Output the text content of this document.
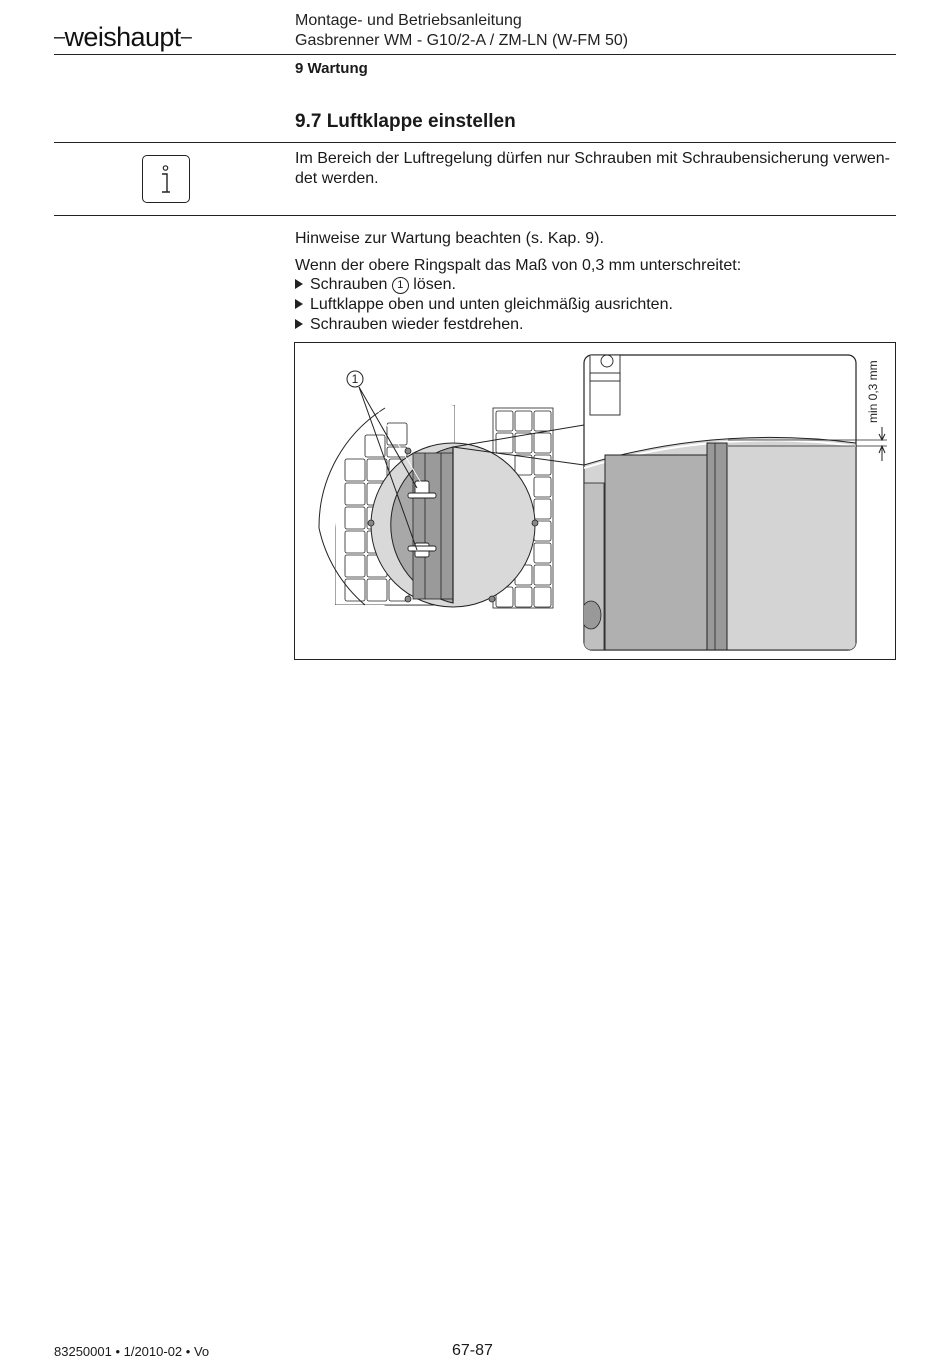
–weishaupt–
Montage- und Betriebsanleitung
Gasbrenner WM - G10/2-A / ZM-LN (W-FM 50)
9 Wartung
9.7 Luftklappe einstellen
Im Bereich der Luftregelung dürfen nur Schrauben mit Schraubensicherung verwen-det werden.
Hinweise zur Wartung beachten (s. Kap. 9).
Wenn der obere Ringspalt das Maß von 0,3 mm unterschreitet:
Schrauben 1 lösen.
Luftklappe oben und unten gleichmäßig ausrichten.
Schrauben wieder festdrehen.
1	min 0,3 mm
83250001 • 1/2010-02 • Vo	67-87
